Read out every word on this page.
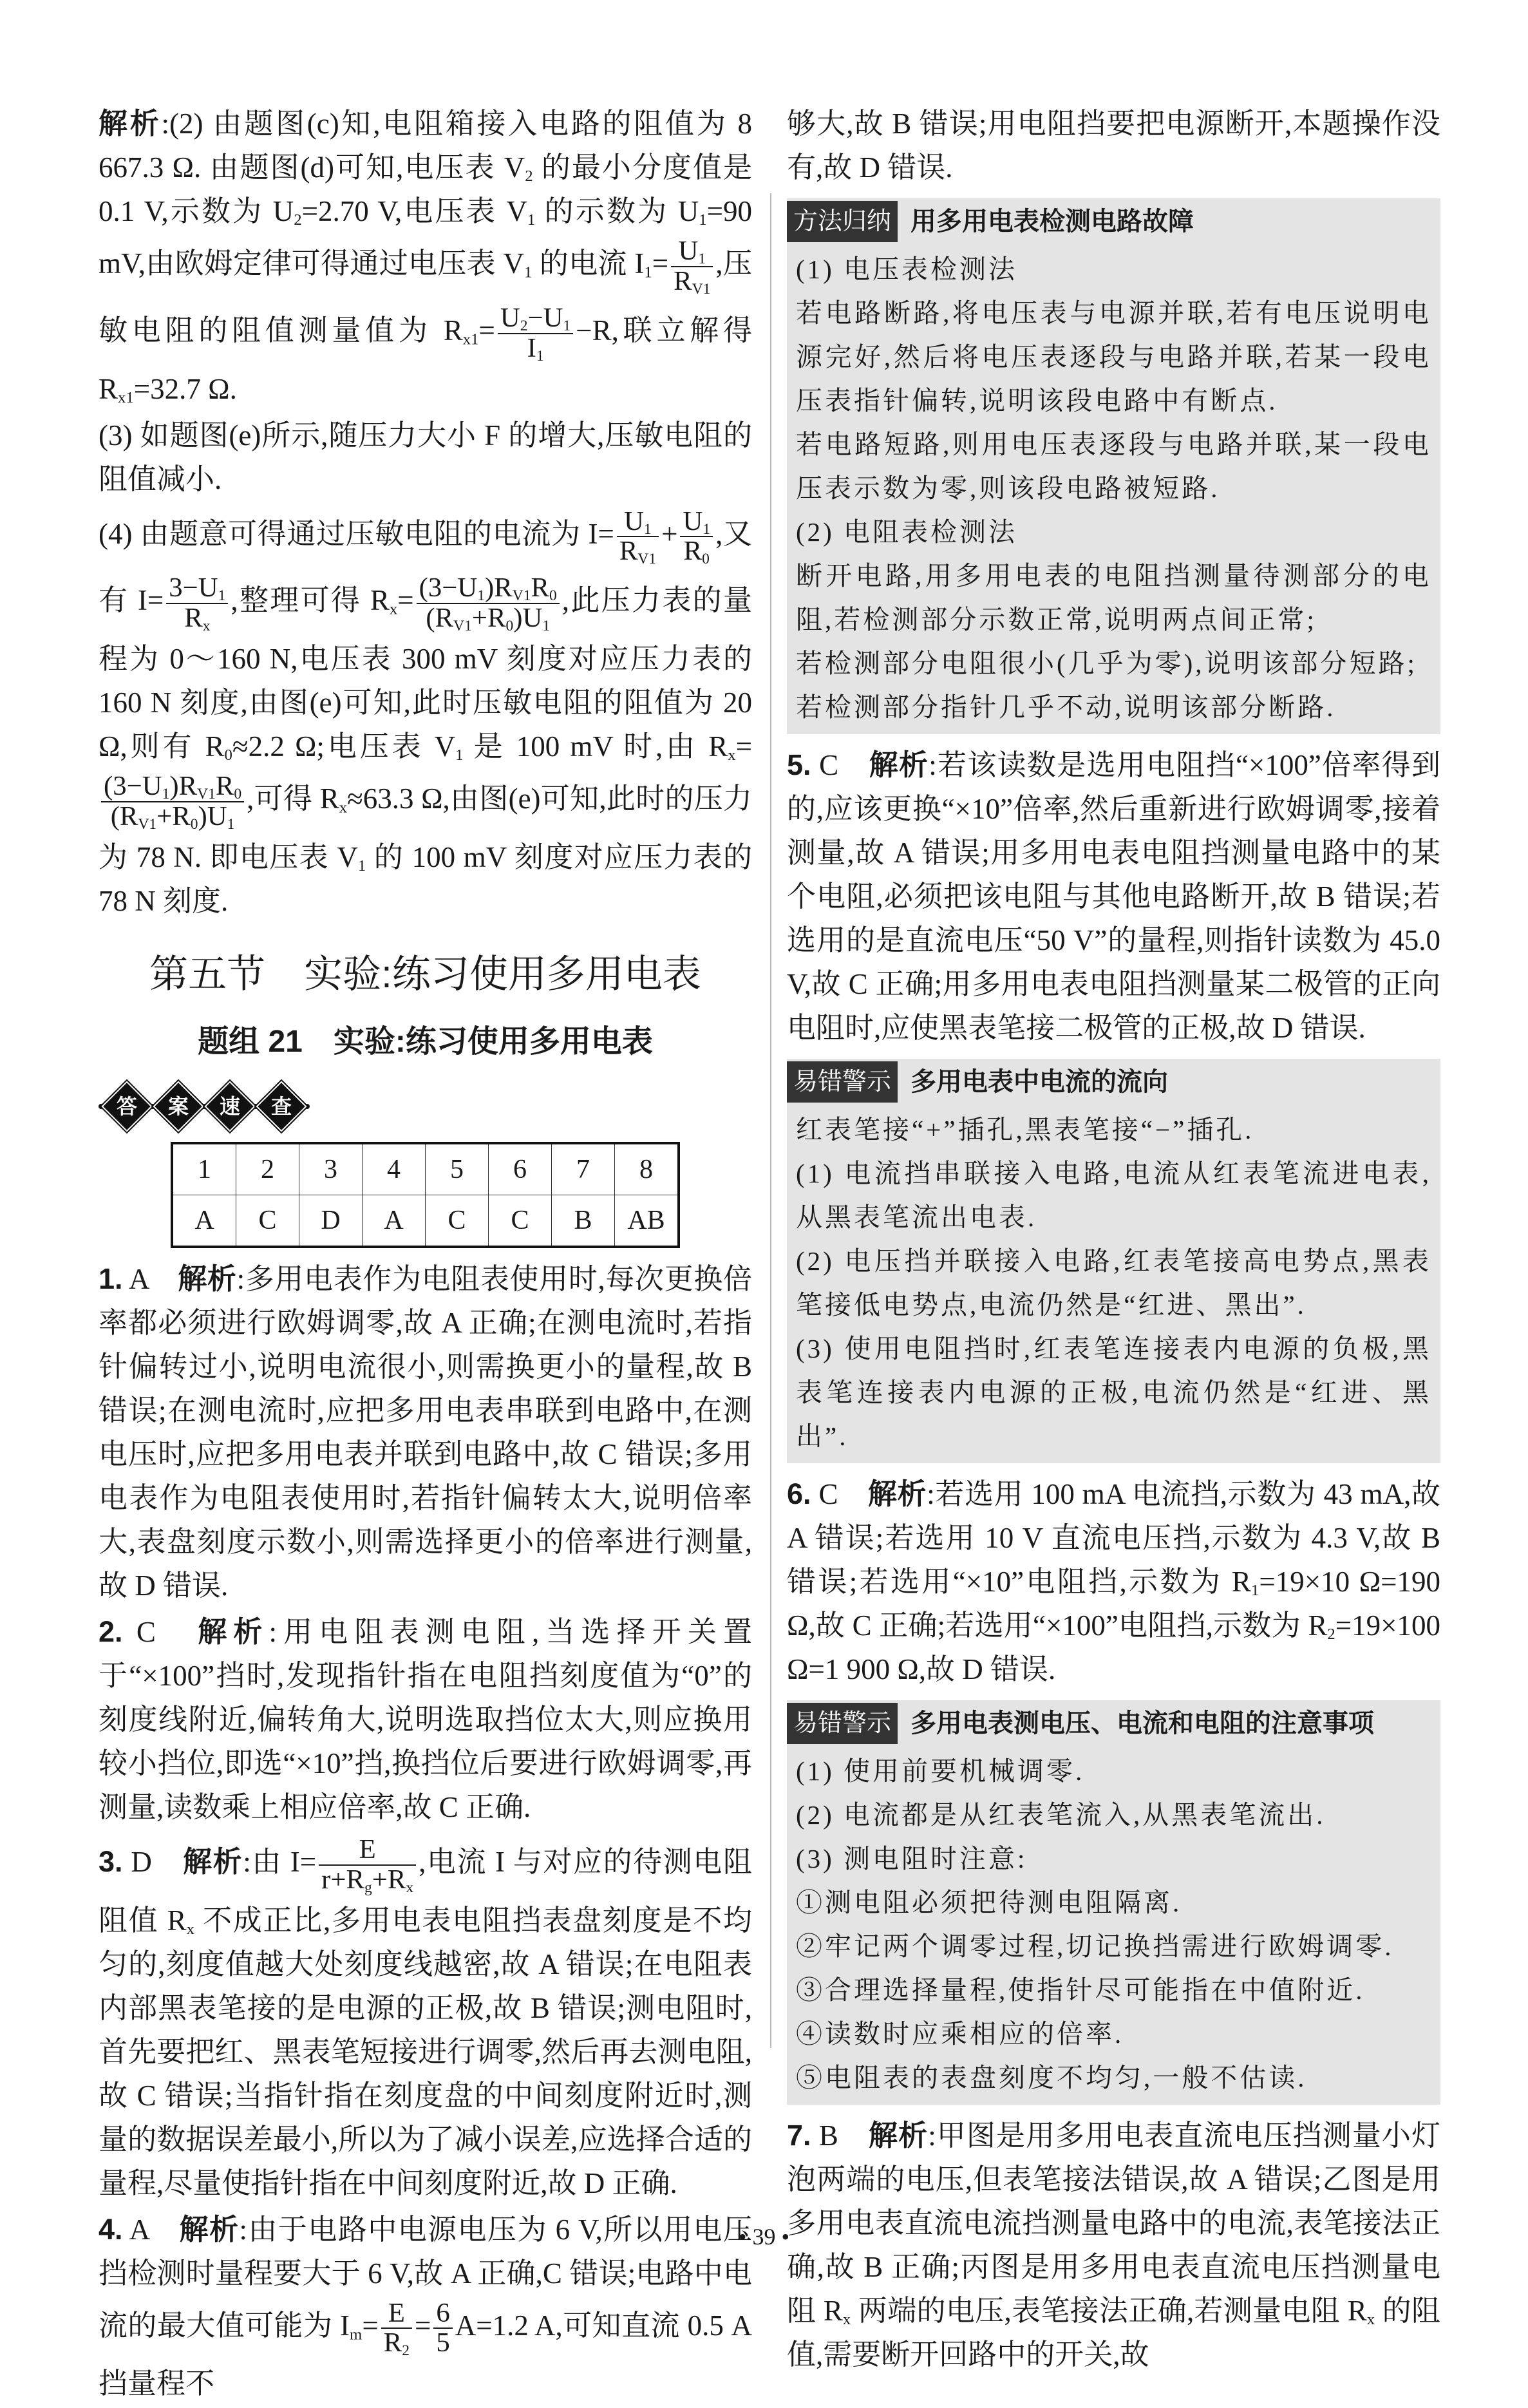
解析:(2) 由题图(c)知,电阻箱接入电路的阻值为 8 667.3 Ω. 由题图(d)可知,电压表 $V_2$ 的最小分度值是 0.1 V,示数为 $U_2=2.70$ V,电压表 $V_1$ 的示数为 $U_1=90$ mV,由欧姆定律可得通过电压表 $V_1$ 的电流 $I_1= \frac{U_1}{R_{V1}}$ ,压敏电阻的阻值测量值为 $R_{x1}= \frac{U_2-U_1}{I_1} -R$,联立解得 $R_{x1}=32.7$ Ω.

(3) 如题图(e)所示,随压力大小 F 的增大,压敏电阻的阻值减小.

(4) 由题意可得通过压敏电阻的电流为 $I= \frac{U_1}{R_{V1}} + \frac{U_1}{R_0}$ ,又有 $I= \frac{3-U_1}{R_x}$ ,整理可得 $R_x= \frac{(3-U_1)R_{V1}R_0}{(R_{V1}+R_0)U_1}$ ,此压力表的量程为 0～160 N,电压表 300 mV 刻度对应压力表的 160 N 刻度,由图(e)可知,此时压敏电阻的阻值为 20 Ω,则有 $R_0\approx 2.2$ Ω;电压表 $V_1$ 是 100 mV 时,由 $R_x=$
$\frac{(3-U_1)R_{V1}R_0}{(R_{V1}+R_0)U_1}$ ,可得 $R_x\approx 63.3$ Ω,由图(e)可知,此时的压力为 78 N. 即电压表 $V_1$ 的 100 mV 刻度对应压力表的 78 N 刻度.

第五节　实验:练习使用多用电表
题组 21　实验:练习使用多用电表
答 案 速 查
1	2	3	4	5	6	7	8
A	C	D	A	C	C	B	AB

1. A　解析:多用电表作为电阻表使用时,每次更换倍率都必须进行欧姆调零,故 A 正确;在测电流时,若指针偏转过小,说明电流很小,则需换更小的量程,故 B 错误;在测电流时,应把多用电表串联到电路中,在测电压时,应把多用电表并联到电路中,故 C 错误;多用电表作为电阻表使用时,若指针偏转太大,说明倍率大,表盘刻度示数小,则需选择更小的倍率进行测量,故 D 错误.

2. C　解析:用电阻表测电阻,当选择开关置于“×100”挡时,发现指针指在电阻挡刻度值为“0”的刻度线附近,偏转角大,说明选取挡位太大,则应换用较小挡位,即选“×10”挡,换挡位后要进行欧姆调零,再测量,读数乘上相应倍率,故 C 正确.

3. D　解析:由 $I= \frac{E}{r+R_g+R_x}$ ,电流 I 与对应的待测电阻阻值 $R_x$ 不成正比,多用电表电阻挡表盘刻度是不均匀的,刻度值越大处刻度线越密,故 A 错误;在电阻表内部黑表笔接的是电源的正极,故 B 错误;测电阻时,首先要把红、黑表笔短接进行调零,然后再去测电阻,故 C 错误;当指针指在刻度盘的中间刻度附近时,测量的数据误差最小,所以为了减小误差,应选择合适的量程,尽量使指针指在中间刻度附近,故 D 正确.

4. A　解析:由于电路中电源电压为 6 V,所以用电压挡检测时量程要大于 6 V,故 A 正确,C 错误;电路中电流的最大值可能为 $I_m= \frac{E}{R_2} = \frac{6}{5} A=1.2$ A,可知直流 0.5 A 挡量程不

够大,故 B 错误;用电阻挡要把电源断开,本题操作没有,故 D 错误.

方法归纳 用多用电表检测电路故障
(1) 电压表检测法
若电路断路,将电压表与电源并联,若有电压说明电源完好,然后将电压表逐段与电路并联,若某一段电压表指针偏转,说明该段电路中有断点.
若电路短路,则用电压表逐段与电路并联,某一段电压表示数为零,则该段电路被短路.
(2) 电阻表检测法
断开电路,用多用电表的电阻挡测量待测部分的电阻,若检测部分示数正常,说明两点间正常;
若检测部分电阻很小(几乎为零),说明该部分短路;
若检测部分指针几乎不动,说明该部分断路.

5. C　解析:若该读数是选用电阻挡“×100”倍率得到的,应该更换“×10”倍率,然后重新进行欧姆调零,接着测量,故 A 错误;用多用电表电阻挡测量电路中的某个电阻,必须把该电阻与其他电路断开,故 B 错误;若选用的是直流电压“50 V”的量程,则指针读数为 45.0 V,故 C 正确;用多用电表电阻挡测量某二极管的正向电阻时,应使黑表笔接二极管的正极,故 D 错误.

易错警示 多用电表中电流的流向
红表笔接“+”插孔,黑表笔接“−”插孔.
(1) 电流挡串联接入电路,电流从红表笔流进电表,从黑表笔流出电表.
(2) 电压挡并联接入电路,红表笔接高电势点,黑表笔接低电势点,电流仍然是“红进、黑出”.
(3) 使用电阻挡时,红表笔连接表内电源的负极,黑表笔连接表内电源的正极,电流仍然是“红进、黑出”.

6. C　解析:若选用 100 mA 电流挡,示数为 43 mA,故 A 错误;若选用 10 V 直流电压挡,示数为 4.3 V,故 B 错误;若选用“×10”电阻挡,示数为 $R_1=19\times 10$ Ω=190 Ω,故 C 正确;若选用“×100”电阻挡,示数为 $R_2=19\times 100$ Ω=1 900 Ω,故 D 错误.

易错警示 多用电表测电压、电流和电阻的注意事项
(1) 使用前要机械调零.
(2) 电流都是从红表笔流入,从黑表笔流出.
(3) 测电阻时注意:
①测电阻必须把待测电阻隔离.
②牢记两个调零过程,切记换挡需进行欧姆调零.
③合理选择量程,使指针尽可能指在中值附近.
④读数时应乘相应的倍率.
⑤电阻表的表盘刻度不均匀,一般不估读.

7. B　解析:甲图是用多用电表直流电压挡测量小灯泡两端的电压,但表笔接法错误,故 A 错误;乙图是用多用电表直流电流挡测量电路中的电流,表笔接法正确,故 B 正确;丙图是用多用电表直流电压挡测量电阻 $R_x$ 两端的电压,表笔接法正确,若测量电阻 $R_x$ 的阻值,需要断开回路中的开关,故

• 39 •
